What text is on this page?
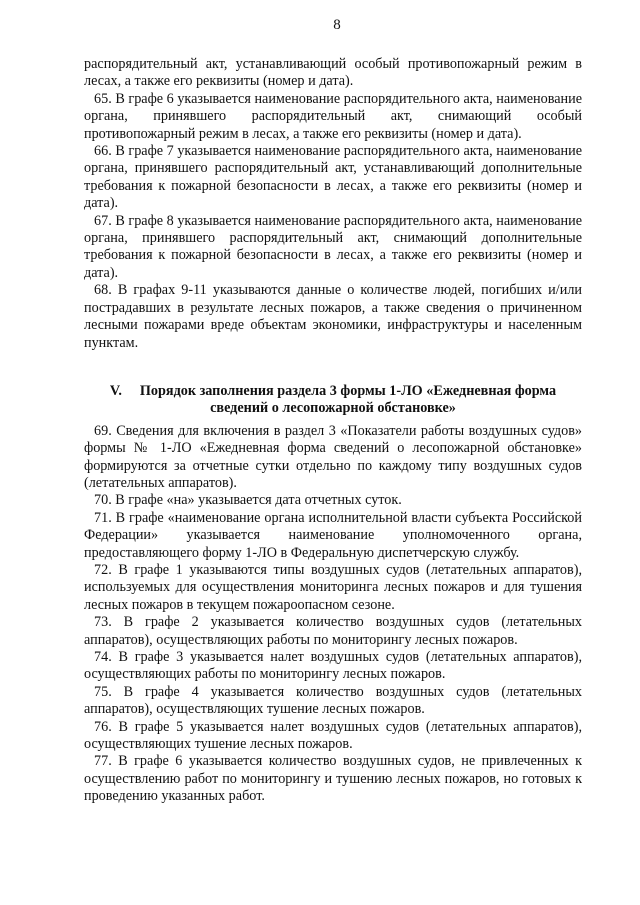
8

распорядительный акт, устанавливающий особый противопожарный режим в лесах, а также его реквизиты (номер и дата).

65. В графе 6 указывается наименование распорядительного акта, наименование органа, принявшего распорядительный акт, снимающий особый противопожарный режим в лесах, а также его реквизиты (номер и дата).

66. В графе 7 указывается наименование распорядительного акта, наименование органа, принявшего распорядительный акт, устанавливающий дополнительные требования к пожарной безопасности в лесах, а также его реквизиты (номер и дата).

67. В графе 8 указывается наименование распорядительного акта, наименование органа, принявшего распорядительный акт, снимающий дополнительные требования к пожарной безопасности в лесах, а также его реквизиты (номер и дата).

68. В графах 9-11 указываются данные о количестве людей, погибших и/или пострадавших в результате лесных пожаров, а также сведения о причиненном лесными пожарами вреде объектам экономики, инфраструктуры и населенным пунктам.

V. Порядок заполнения раздела 3 формы 1-ЛО «Ежедневная форма
сведений о лесопожарной обстановке»

69. Сведения для включения в раздел 3 «Показатели работы воздушных судов» формы № 1-ЛО «Ежедневная форма сведений о лесопожарной обстановке» формируются за отчетные сутки отдельно по каждому типу воздушных судов (летательных аппаратов).

70. В графе «на» указывается дата отчетных суток.

71. В графе «наименование органа исполнительной власти субъекта Российской Федерации» указывается наименование уполномоченного органа, предоставляющего форму 1-ЛО в Федеральную диспетчерскую службу.

72. В графе 1 указываются типы воздушных судов (летательных аппаратов), используемых для осуществления мониторинга лесных пожаров и для тушения лесных пожаров в текущем пожароопасном сезоне.

73. В графе 2 указывается количество воздушных судов (летательных аппаратов), осуществляющих работы по мониторингу лесных пожаров.

74. В графе 3 указывается налет воздушных судов (летательных аппаратов), осуществляющих работы по мониторингу лесных пожаров.

75. В графе 4 указывается количество воздушных судов (летательных аппаратов), осуществляющих тушение лесных пожаров.

76. В графе 5 указывается налет воздушных судов (летательных аппаратов), осуществляющих тушение лесных пожаров.

77. В графе 6 указывается количество воздушных судов, не привлеченных к осуществлению работ по мониторингу и тушению лесных пожаров, но готовых к проведению указанных работ.
